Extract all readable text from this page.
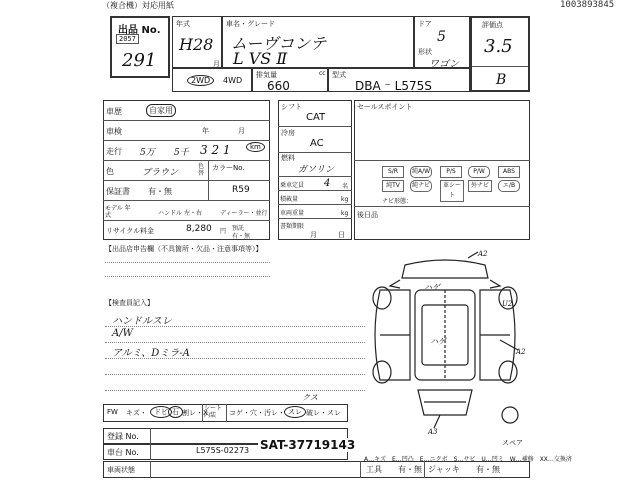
（複合機）対応用紙	1003893845
出品 No.
2057
291
年式
H28
月
車名・グレード
ムーヴコンテ
L VS Ⅱ
ドア
5
形状
ワゴン
2WD	4WD
排気量	cc
660
型式
DBA ⁻ L575S
評価点
3.5
B
車歴	自家用
車検	年	月
走行 5万 5千 3 2 1	km
色	ブラウン
色替
カラーNo.
保証書 有・無	R59
モデル 年式	ハンドル 左・右	ディーラー・並行
リサイクル料金	8,280 円 預託
有・無
【出品店申告欄（不具箇所・欠品・注意事項等）】
シフト
CAT
冷房
AC
燃料
ガソリン
乗車定員 4 名
積載量	kg
車両重量	kg
書類期限
月	日
セールスポイント
S/R	純A/W	P/S	P/W	ABS
純TV	純ナビ	革シート
外ナビ	エ/B
ナビ形態：
後日品
【検査員記入】
ハンドルスレ
A/W
アルミ、Dミラ-A
A2
A2
U2
ハゲ
ハゲ
A3
スペア
FW キズ・	ドビ 石 割レ・X
シート 内装	コゲ・穴・汚レ・ スレ 破レ・スレ
クス
登録 No.
車台 No.	L575S-02273 SAT-37719143
A…キズ　E…凹凸　E…ニクボ　S…サビ　U…凹ミ　W…補修　XX…交換済
車両状態	工具 有・無 ジャッキ 有・無
